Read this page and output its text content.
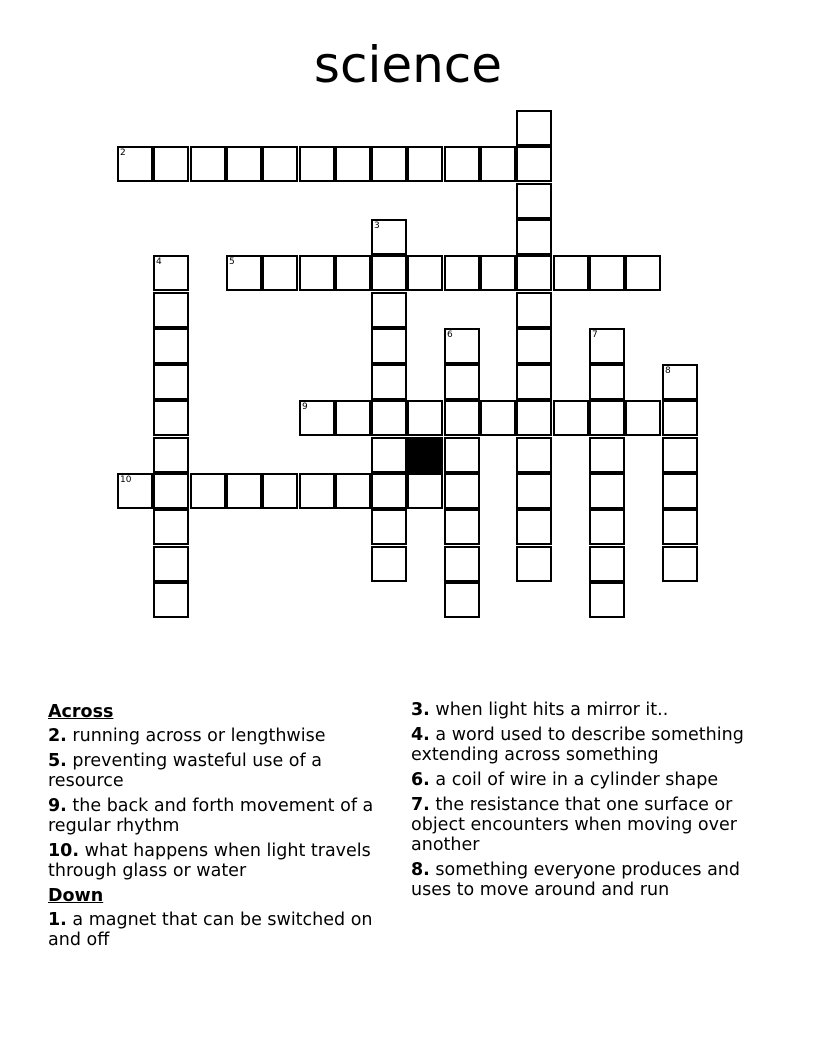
science
2
3
4	5
6	7
8
9
10
Across
2. running across or lengthwise
5. preventing wasteful use of a resource
9. the back and forth movement of a regular rhythm
10. what happens when light travels through glass or water
Down
1. a magnet that can be switched on and off
3. when light hits a mirror it..
4. a word used to describe something extending across something
6. a coil of wire in a cylinder shape
7. the resistance that one surface or object encounters when moving over another
8. something everyone produces and uses to move around and run
